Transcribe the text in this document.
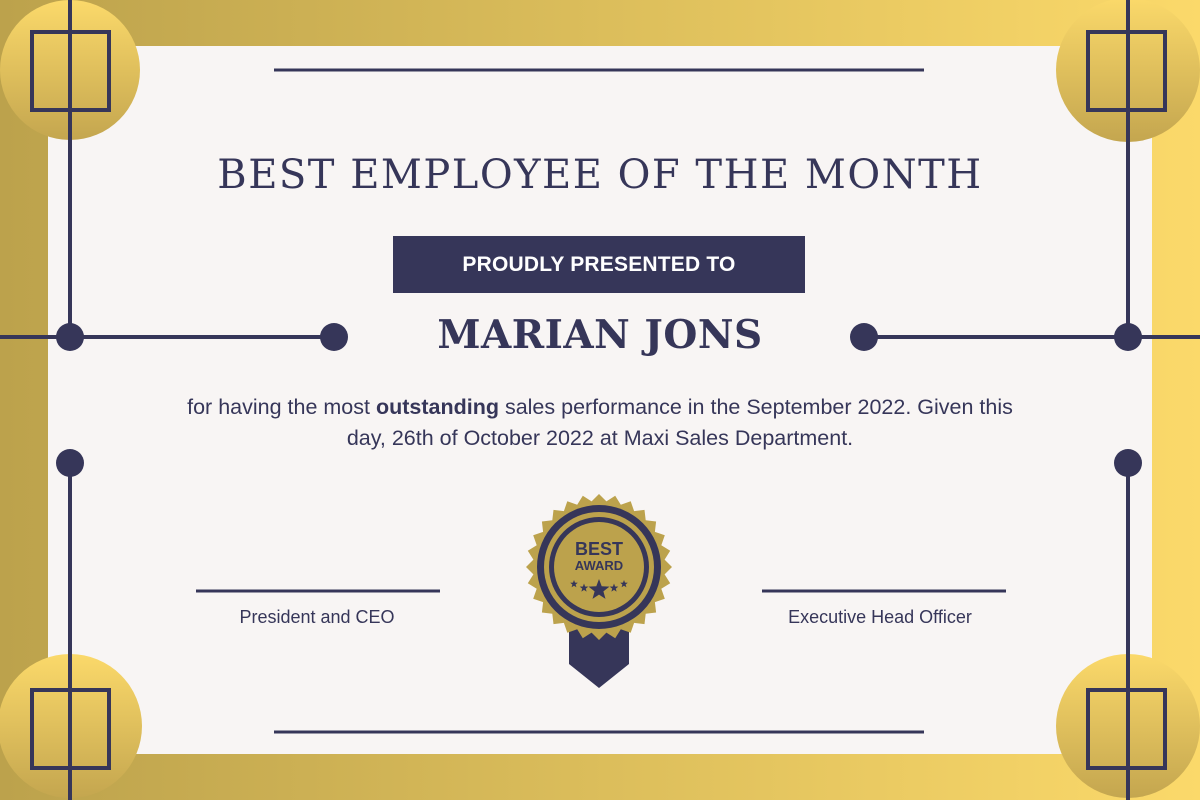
BEST EMPLOYEE OF THE MONTH
PROUDLY PRESENTED TO
MARIAN JONS
for having the most outstanding sales performance in the September 2022. Given this day, 26th of October 2022 at Maxi Sales Department.
President and CEO	Executive Head Officer
BEST
AWARD
